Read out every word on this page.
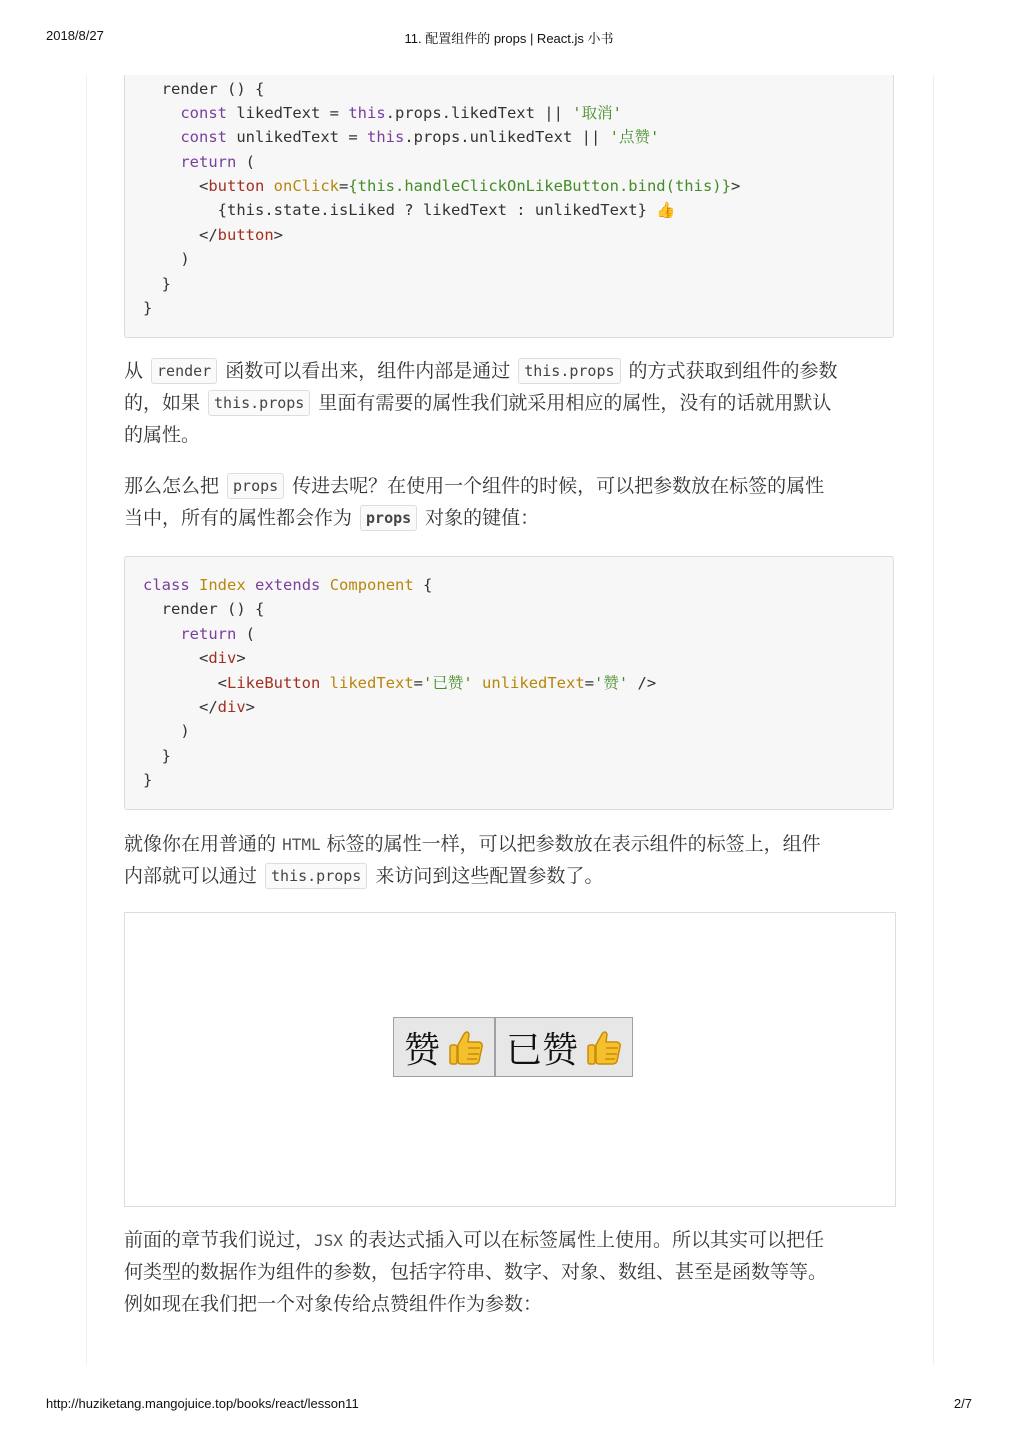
2018/8/27	11. 配置组件的 props | React.js 小书
render () {
const likedText = this.props.likedText || '取消'
const unlikedText = this.props.unlikedText || '点赞'
return (
<button onClick={this.handleClickOnLikeButton.bind(this)}>
{this.state.isLiked ? likedText : unlikedText} 👍
</button>
)
}
}
从 render 函数可以看出来，组件内部是通过 this.props 的方式获取到组件的参数
的，如果 this.props 里面有需要的属性我们就采用相应的属性，没有的话就用默认
的属性。
那么怎么把 props 传进去呢？在使用一个组件的时候，可以把参数放在标签的属性
当中，所有的属性都会作为 props 对象的键值：
class Index extends Component {
render () {
return (
<div>
<LikeButton likedText='已赞' unlikedText='赞' />
</div>
)
}
}
就像你在用普通的 HTML 标签的属性一样，可以把参数放在表示组件的标签上，组件
内部就可以通过 this.props 来访问到这些配置参数了。
赞 已赞
前面的章节我们说过，JSX 的表达式插入可以在标签属性上使用。所以其实可以把任
何类型的数据作为组件的参数，包括字符串、数字、对象、数组、甚至是函数等等。
例如现在我们把一个对象传给点赞组件作为参数：
http://huziketang.mangojuice.top/books/react/lesson11	2/7
